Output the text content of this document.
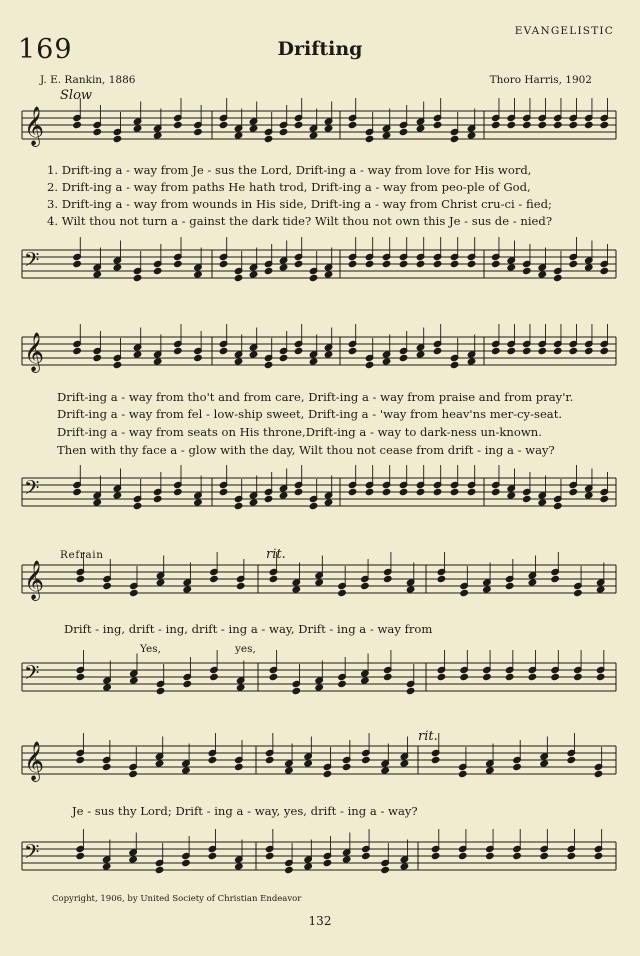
169	Drifting
EVANGELISTIC
J. E. Rankin, 1886	Thoro Harris, 1902
Slow
𝄞
𝄢
𝄞
𝄢
𝄞
𝄢
𝄞
𝄢
1. Drift-ing a - way from Je - sus the Lord, Drift-ing a - way from love for His word,
2. Drift-ing a - way from paths He hath trod, Drift-ing a - way from peo-ple of God,
3. Drift-ing a - way from wounds in His side, Drift-ing a - way from Christ cru-ci - fied;
4. Wilt thou not turn a - gainst the dark tide? Wilt thou not own this Je - sus de - nied?
Drift-ing a - way from tho't and from care, Drift-ing a - way from praise and from pray'r.
Drift-ing a - way from fel - low-ship sweet, Drift-ing a - 'way from heav'ns mer-cy-seat.
Drift-ing a - way from seats on His throne,Drift-ing a - way to dark-ness un-known.
Then with thy face a - glow with the day, Wilt thou not cease from drift - ing a - way?
Refrain	rit.
Drift - ing, drift - ing, drift - ing a - way, Drift - ing a - way from
Yes,	yes,
rit.
Je - sus thy Lord; Drift - ing a - way, yes, drift - ing a - way?
Copyright, 1906, by United Society of Christian Endeavor
132
